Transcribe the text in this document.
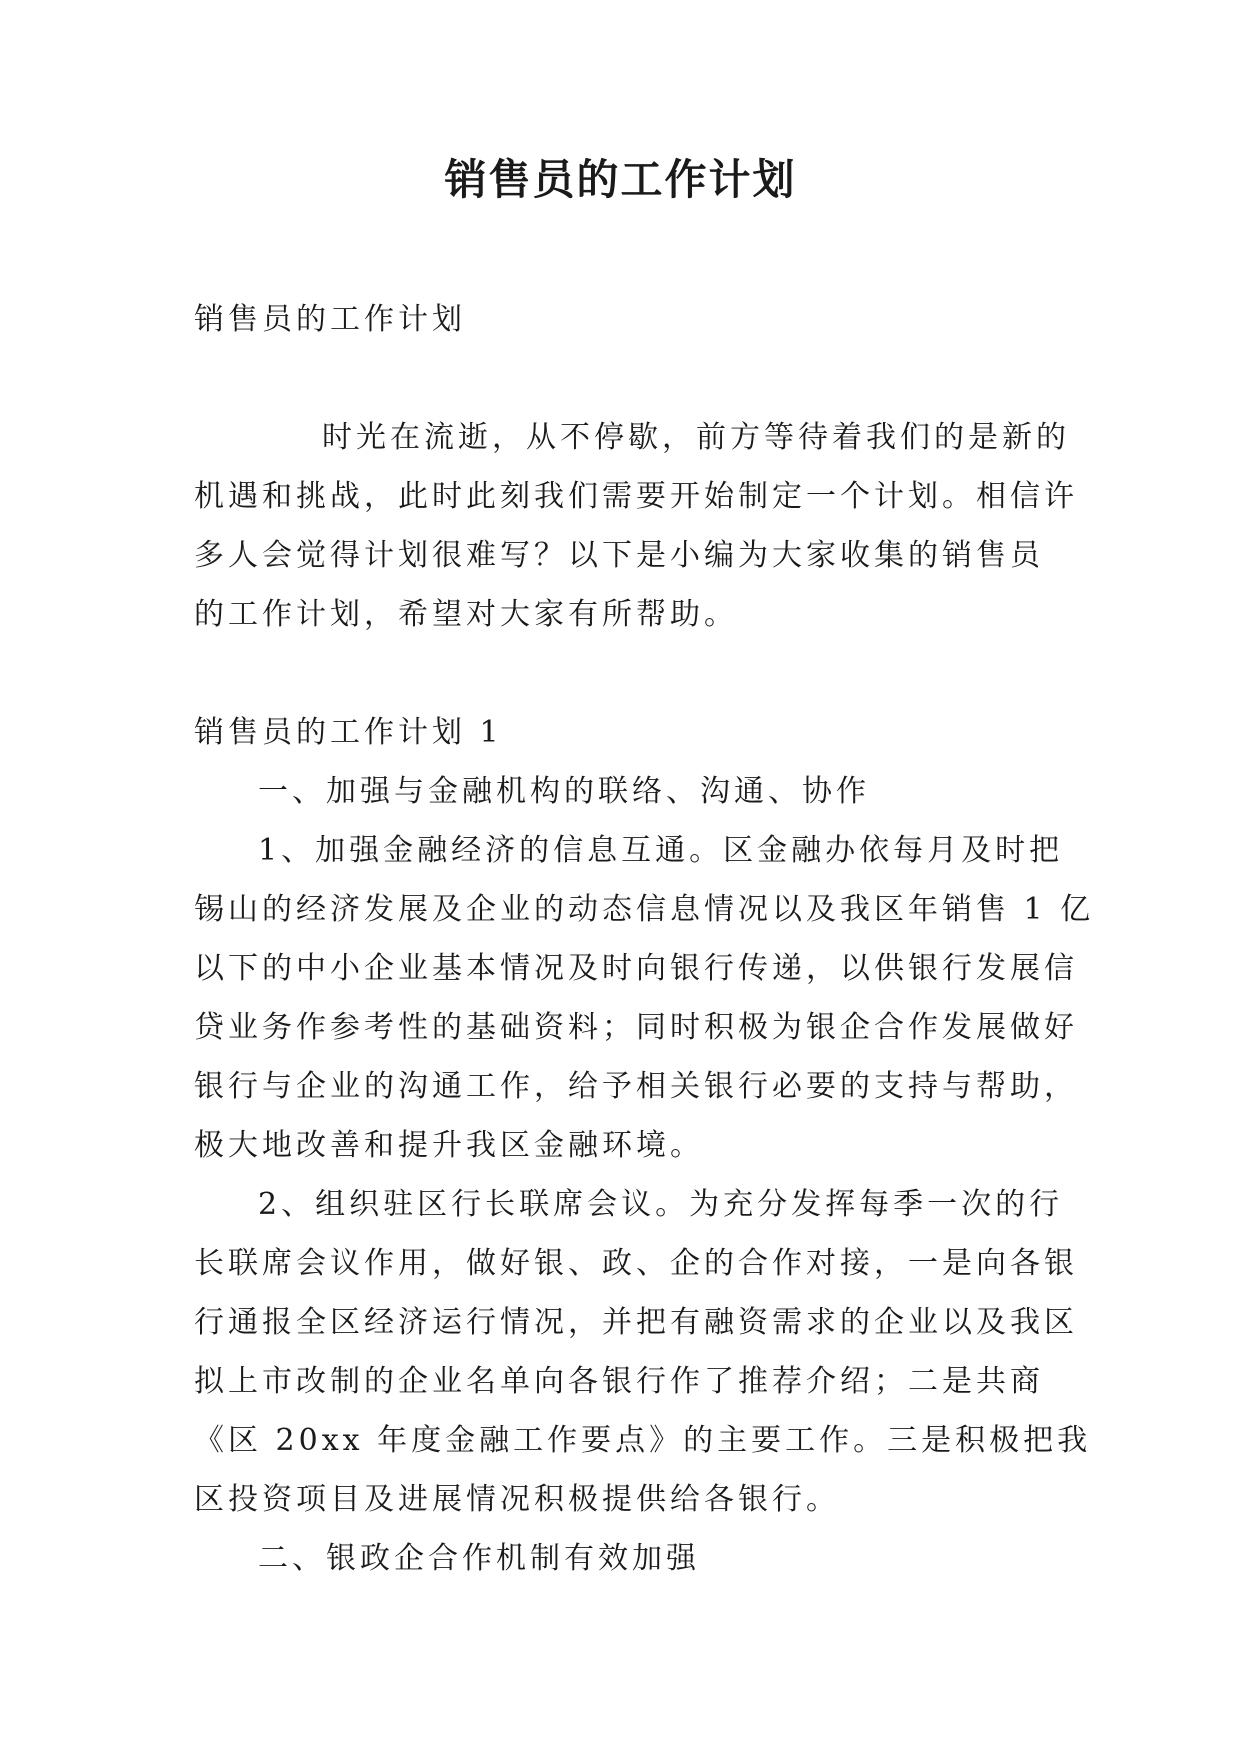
销售员的工作计划
销售员的工作计划
时光在流逝，从不停歇，前方等待着我们的是新的
机遇和挑战，此时此刻我们需要开始制定一个计划。相信许
多人会觉得计划很难写？以下是小编为大家收集的销售员
的工作计划，希望对大家有所帮助。
销售员的工作计划 1
一、加强与金融机构的联络、沟通、协作
1、加强金融经济的信息互通。区金融办依每月及时把
锡山的经济发展及企业的动态信息情况以及我区年销售 1 亿
以下的中小企业基本情况及时向银行传递，以供银行发展信
贷业务作参考性的基础资料；同时积极为银企合作发展做好
银行与企业的沟通工作，给予相关银行必要的支持与帮助，
极大地改善和提升我区金融环境。
2、组织驻区行长联席会议。为充分发挥每季一次的行
长联席会议作用，做好银、政、企的合作对接，一是向各银
行通报全区经济运行情况，并把有融资需求的企业以及我区
拟上市改制的企业名单向各银行作了推荐介绍；二是共商
《区 20xx 年度金融工作要点》的主要工作。三是积极把我
区投资项目及进展情况积极提供给各银行。
二、银政企合作机制有效加强
